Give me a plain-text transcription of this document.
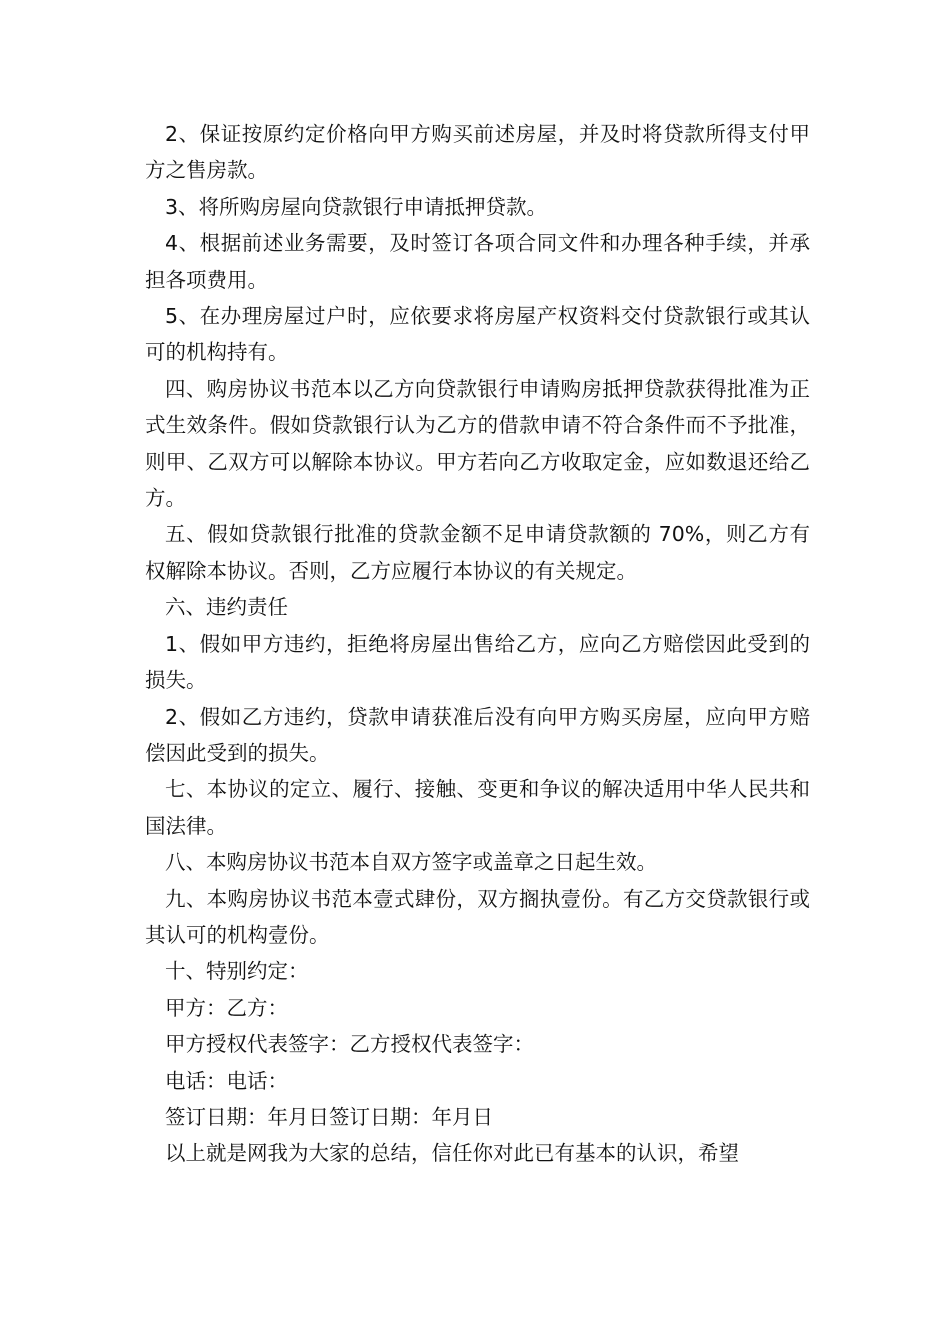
2、保证按原约定价格向甲方购买前述房屋，并及时将贷款所得支付甲方之售房款。

3、将所购房屋向贷款银行申请抵押贷款。

4、根据前述业务需要，及时签订各项合同文件和办理各种手续，并承担各项费用。

5、在办理房屋过户时，应依要求将房屋产权资料交付贷款银行或其认可的机构持有。

四、购房协议书范本以乙方向贷款银行申请购房抵押贷款获得批准为正式生效条件。假如贷款银行认为乙方的借款申请不符合条件而不予批准，则甲、乙双方可以解除本协议。甲方若向乙方收取定金，应如数退还给乙方。

五、假如贷款银行批准的贷款金额不足申请贷款额的 70%，则乙方有权解除本协议。否则，乙方应履行本协议的有关规定。

六、违约责任

1、假如甲方违约，拒绝将房屋出售给乙方，应向乙方赔偿因此受到的损失。

2、假如乙方违约，贷款申请获准后没有向甲方购买房屋，应向甲方赔偿因此受到的损失。

七、本协议的定立、履行、接触、变更和争议的解决适用中华人民共和国法律。

八、本购房协议书范本自双方签字或盖章之日起生效。

九、本购房协议书范本壹式肆份，双方搁执壹份。有乙方交贷款银行或其认可的机构壹份。

十、特别约定：

甲方：乙方：

甲方授权代表签字：乙方授权代表签字：

电话：电话：

签订日期：年月日签订日期：年月日

以上就是网我为大家的总结，信任你对此已有基本的认识，希望
